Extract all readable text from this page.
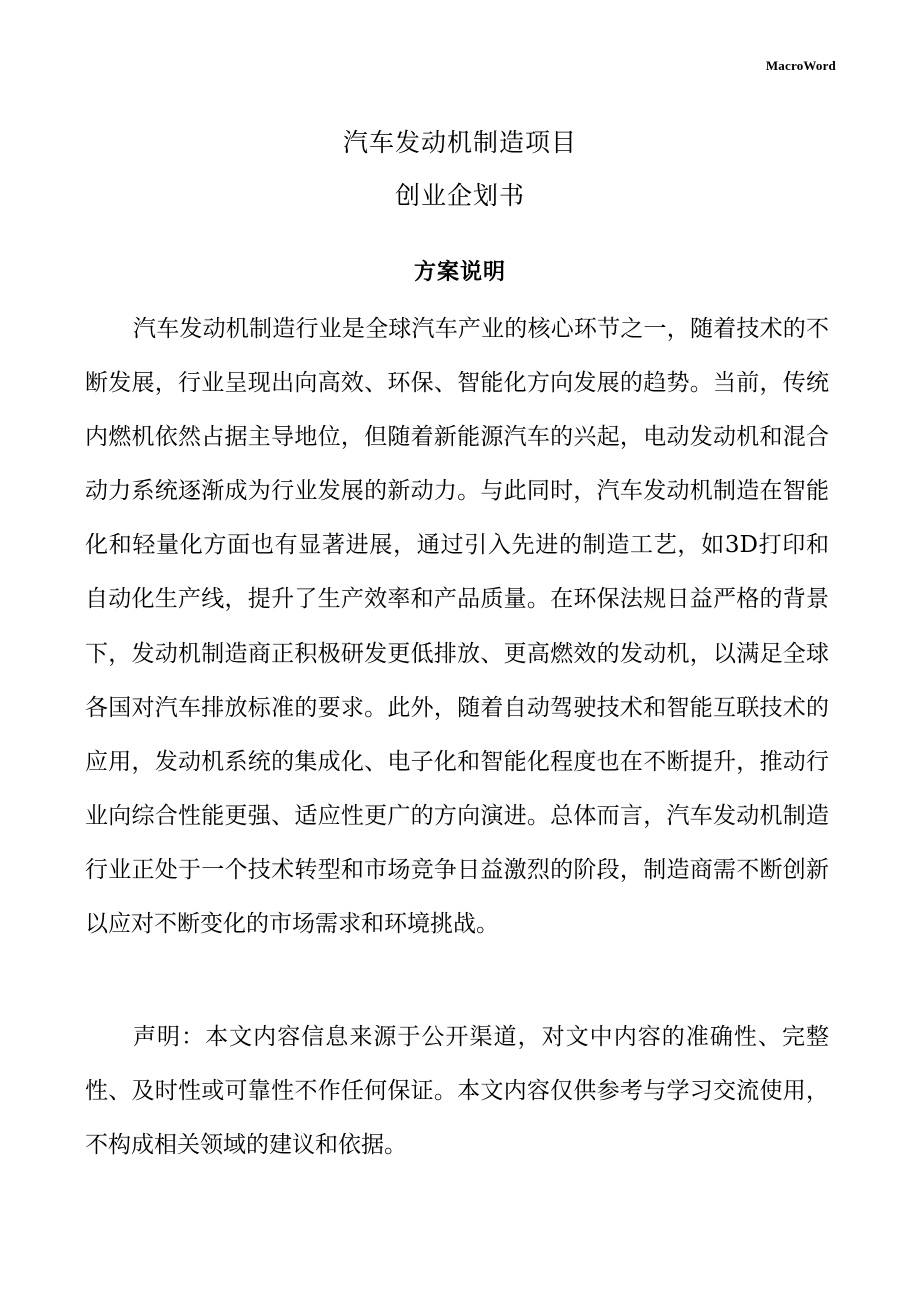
MacroWord
汽车发动机制造项目
创业企划书
方案说明

汽车发动机制造行业是全球汽车产业的核心环节之一，随着技术的不断发展，行业呈现出向高效、环保、智能化方向发展的趋势。当前，传统内燃机依然占据主导地位，但随着新能源汽车的兴起，电动发动机和混合动力系统逐渐成为行业发展的新动力。与此同时，汽车发动机制造在智能化和轻量化方面也有显著进展，通过引入先进的制造工艺，如3D打印和自动化生产线，提升了生产效率和产品质量。在环保法规日益严格的背景下，发动机制造商正积极研发更低排放、更高燃效的发动机，以满足全球各国对汽车排放标准的要求。此外，随着自动驾驶技术和智能互联技术的应用，发动机系统的集成化、电子化和智能化程度也在不断提升，推动行业向综合性能更强、适应性更广的方向演进。总体而言，汽车发动机制造行业正处于一个技术转型和市场竞争日益激烈的阶段，制造商需不断创新以应对不断变化的市场需求和环境挑战。

声明：本文内容信息来源于公开渠道，对文中内容的准确性、完整性、及时性或可靠性不作任何保证。本文内容仅供参考与学习交流使用，不构成相关领域的建议和依据。
